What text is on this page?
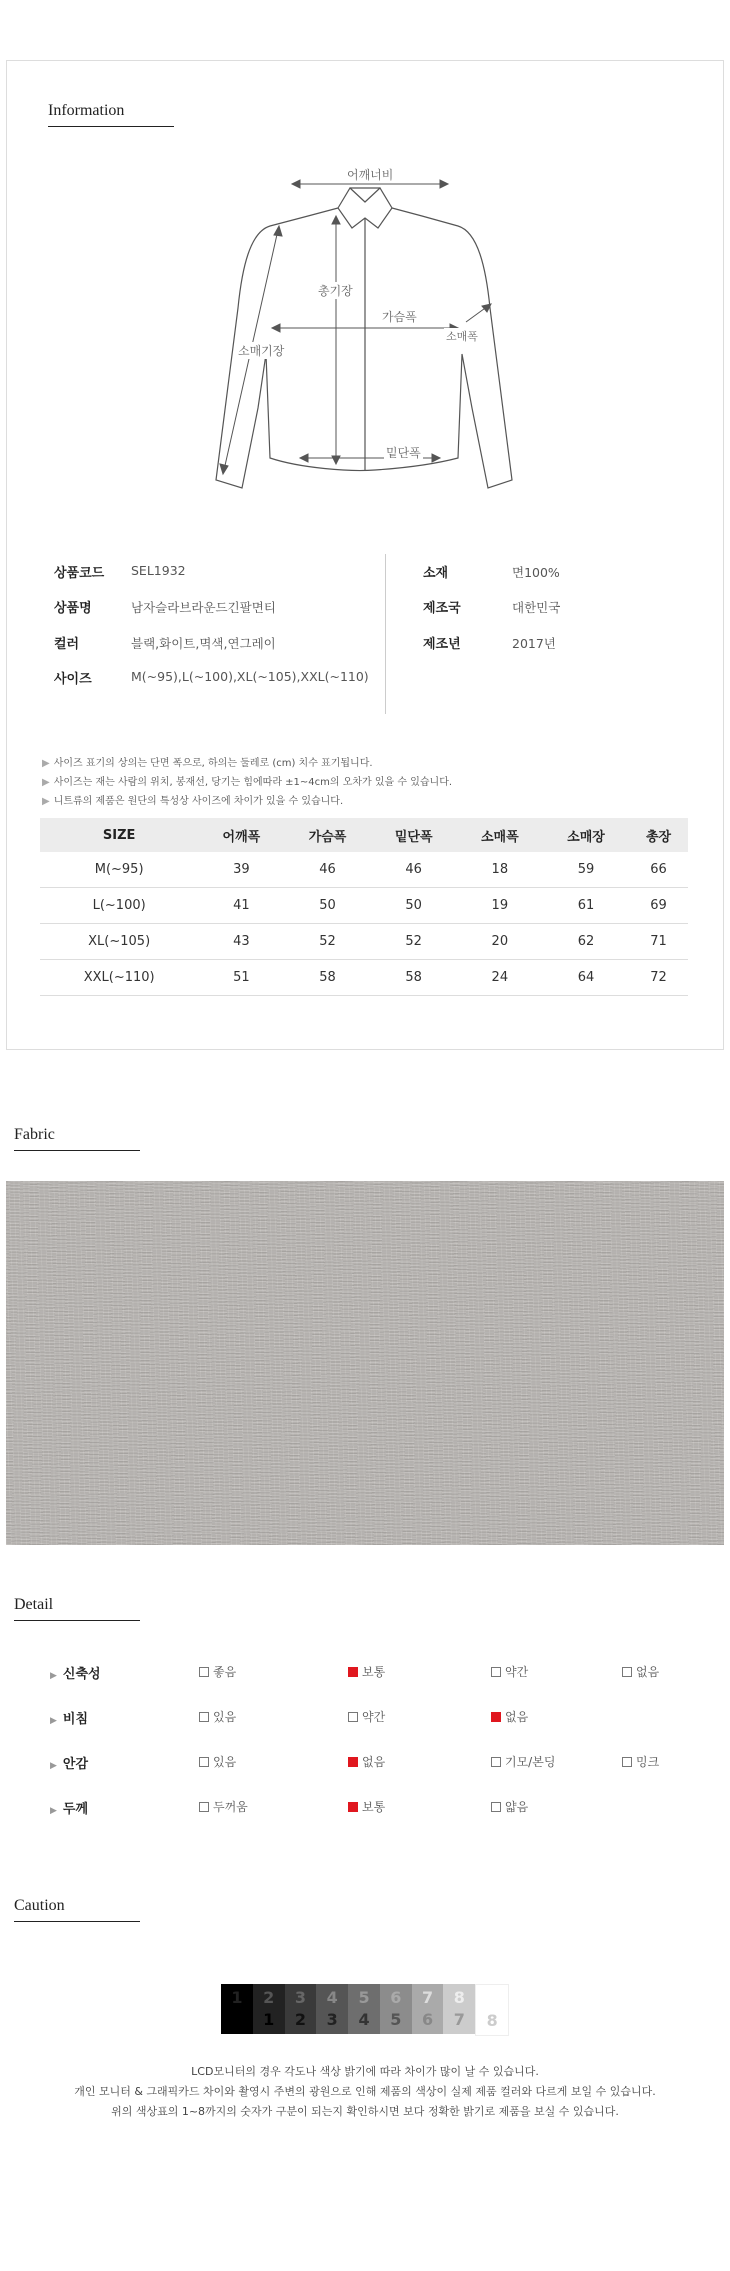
Information
어깨너비
총기장
가슴폭
소매폭
소매기장
밑단폭
상품코드 SEL1932
상품명	남자슬라브라운드긴팔면티
컬러	블랙,화이트,멱색,연그레이
사이즈	M(~95),L(~100),XL(~105),XXL(~110)
소재	면100%
제조국	대한민국
제조년	2017년
▶ 사이즈 표기의 상의는 단면 폭으로, 하의는 둘레로 (cm) 치수 표기됩니다.
▶ 사이즈는 재는 사람의 위치, 봉재선, 당기는 힘에따라 ±1~4cm의 오차가 있을 수 있습니다.
▶ 니트류의 제품은 원단의 특성상 사이즈에 차이가 있을 수 있습니다.
SIZE	어깨폭	가슴폭	밑단폭	소매폭	소매장	총장
M(~95)	39	46	46	18	59	66
L(~100)	41	50	50	19	61	69
XL(~105)	43	52	52	20	62	71
XXL(~110)	51	58	58	24	64	72
Fabric
Detail
▶ 신축성	좋음	보통	약간	없음
▶ 비침	있음	약간	없음
▶ 안감	있음	없음	기모/본딩	밍크
▶ 두께	두꺼움	보통	얇음
Caution
1	2
1
3
2
4
3
5
4
6
5
7
6
8
7	8
LCD모니터의 경우 각도나 색상 밝기에 따라 차이가 많이 날 수 있습니다.
개인 모니터 & 그래픽카드 차이와 촬영시 주변의 광원으로 인해 제품의 색상이 실제 제품 컬러와 다르게 보일 수 있습니다.
위의 색상표의 1~8까지의 숫자가 구분이 되는지 확인하시면 보다 정확한 밝기로 제품을 보실 수 있습니다.
